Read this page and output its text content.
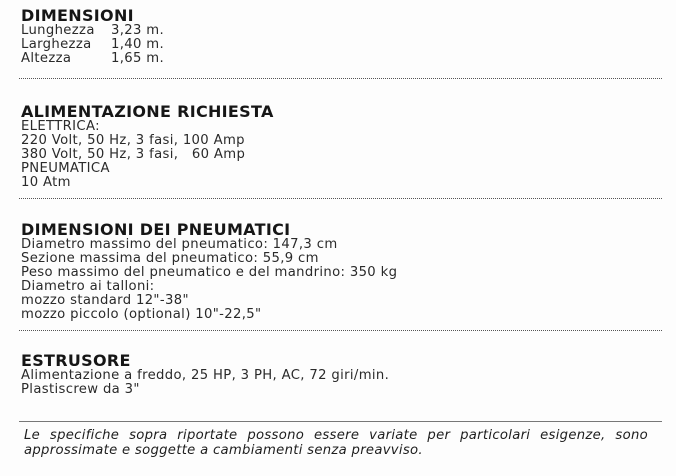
DIMENSIONI
Lunghezza	3,23 m.
Larghezza	1,40 m.
Altezza	1,65 m.
ALIMENTAZIONE RICHIESTA
ELETTRICA:
220 Volt, 50 Hz, 3 fasi, 100 Amp
380 Volt, 50 Hz, 3 fasi,   60 Amp
PNEUMATICA
10 Atm
DIMENSIONI DEI PNEUMATICI
Diametro massimo del pneumatico: 147,3 cm
Sezione massima del pneumatico: 55,9 cm
Peso massimo del pneumatico e del mandrino: 350 kg
Diametro ai talloni:
mozzo standard 12"-38"
mozzo piccolo (optional) 10"-22,5"
ESTRUSORE
Alimentazione a freddo, 25 HP, 3 PH, AC, 72 giri/min.
Plastiscrew da 3"
Le specifiche sopra riportate possono essere variate per particolari esigenze, sono approssimate e soggette a cambiamenti senza preavviso.
